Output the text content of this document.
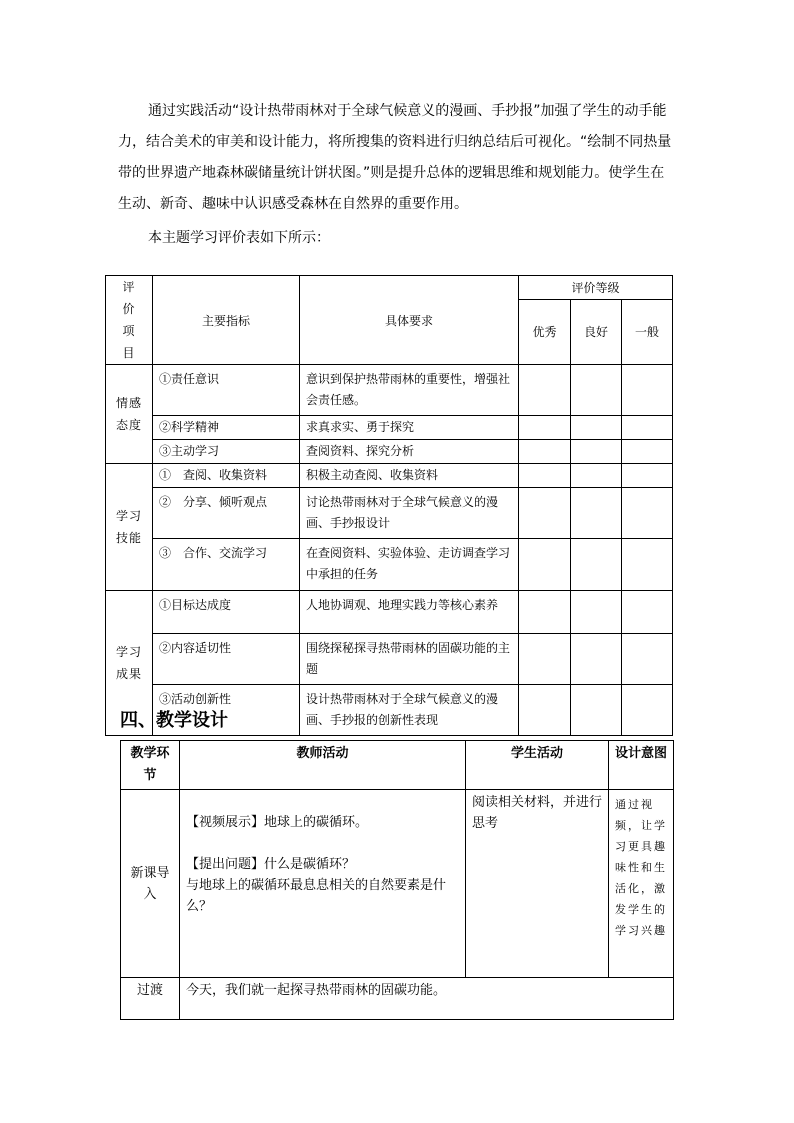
通过实践活动“设计热带雨林对于全球气候意义的漫画、手抄报”加强了学生的动手能力，结合美术的审美和设计能力，将所搜集的资料进行归纳总结后可视化。“绘制不同热量带的世界遗产地森林碳储量统计饼状图。”则是提升总体的逻辑思维和规划能力。使学生在生动、新奇、趣味中认识感受森林在自然界的重要作用。

本主题学习评价表如下所示：

评价项目	主要指标	具体要求	评价等级		
			优秀	良好	一般
情感态度	①责任意识	意识到保护热带雨林的重要性，增强社会责任感。			
	②科学精神	求真求实、勇于探究			
	③主动学习	查阅资料、探究分析			
学习技能	①　查阅、收集资料	积极主动查阅、收集资料			
	②　分享、倾听观点	讨论热带雨林对于全球气候意义的漫画、手抄报设计			
	③　合作、交流学习	在查阅资料、实验体验、走访调查学习中承担的任务			
学习成果	①目标达成度	人地协调观、地理实践力等核心素养			
	②内容适切性	围绕探秘探寻热带雨林的固碳功能的主题			
	③活动创新性	设计热带雨林对于全球气候意义的漫画、手抄报的创新性表现			
四、教学设计
教学环节	教师活动	学生活动	设计意图
新课导入	【视频展示】地球上的碳循环。
【提出问题】什么是碳循环？
与地球上的碳循环最息息相关的自然要素是什么？	阅读相关材料，并进行思考	通过视频，让学习更具趣味性和生活化，激发学生的学习兴趣
过渡	今天，我们就一起探寻热带雨林的固碳功能。		
